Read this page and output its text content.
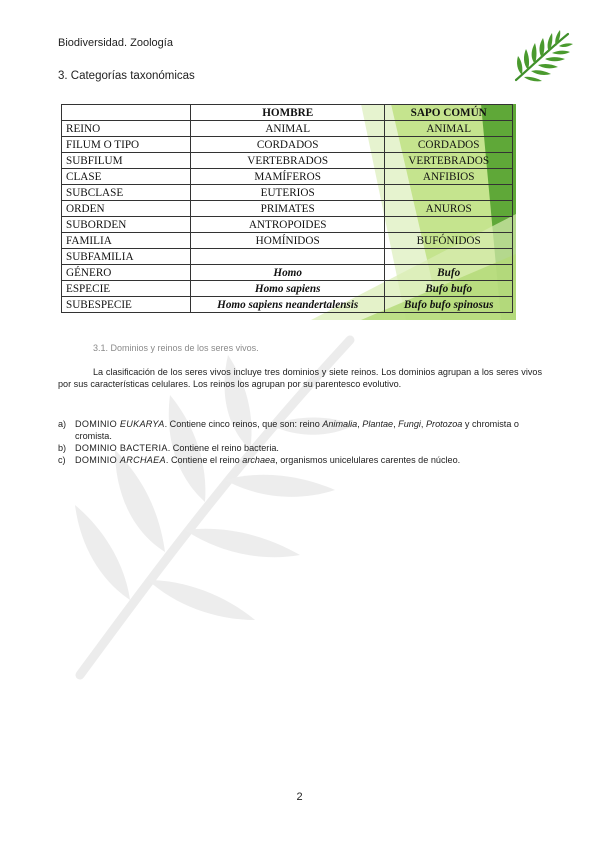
Biodiversidad. Zoología
3. Categorías taxonómicas
	HOMBRE	SAPO COMÚN
REINO	ANIMAL	ANIMAL
FILUM O TIPO	CORDADOS	CORDADOS
SUBFILUM	VERTEBRADOS	VERTEBRADOS
CLASE	MAMÍFEROS	ANFIBIOS
SUBCLASE	EUTERIOS	
ORDEN	PRIMATES	ANUROS
SUBORDEN	ANTROPOIDES	
FAMILIA	HOMÍNIDOS	BUFÓNIDOS
SUBFAMILIA		
GÉNERO	Homo	Bufo
ESPECIE	Homo sapiens	Bufo bufo
SUBESPECIE	Homo sapiens neandertalensis	Bufo bufo spinosus
3.1. Dominios y reinos de los seres vivos.
La clasificación de los seres vivos incluye tres dominios y siete reinos. Los dominios agrupan a los seres vivos por sus características celulares. Los reinos los agrupan por su parentesco evolutivo.
a) DOMINIO EUKARYA. Contiene cinco reinos, que son: reino Animalia, Plantae, Fungi, Protozoa y chromista o cromista.
b) DOMINIO BACTERIA. Contiene el reino bacteria.
c) DOMINIO ARCHAEA. Contiene el reino archaea, organismos unicelulares carentes de núcleo.
2
